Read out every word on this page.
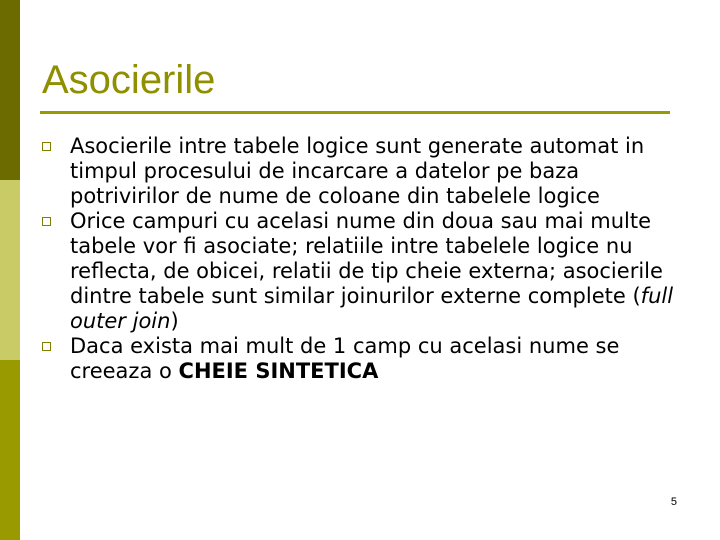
Asocierile
Asocierile intre tabele logice sunt generate automat in timpul procesului de incarcare a datelor pe baza potrivirilor de nume de coloane din tabelele logice
Orice campuri cu acelasi nume din doua sau mai multe tabele vor fi asociate; relatiile intre tabelele logice nu reflecta, de obicei, relatii de tip cheie externa; asocierile dintre tabele sunt similar joinurilor externe complete (full outer join)
Daca exista mai mult de 1 camp cu acelasi nume se creeaza o CHEIE SINTETICA
5
